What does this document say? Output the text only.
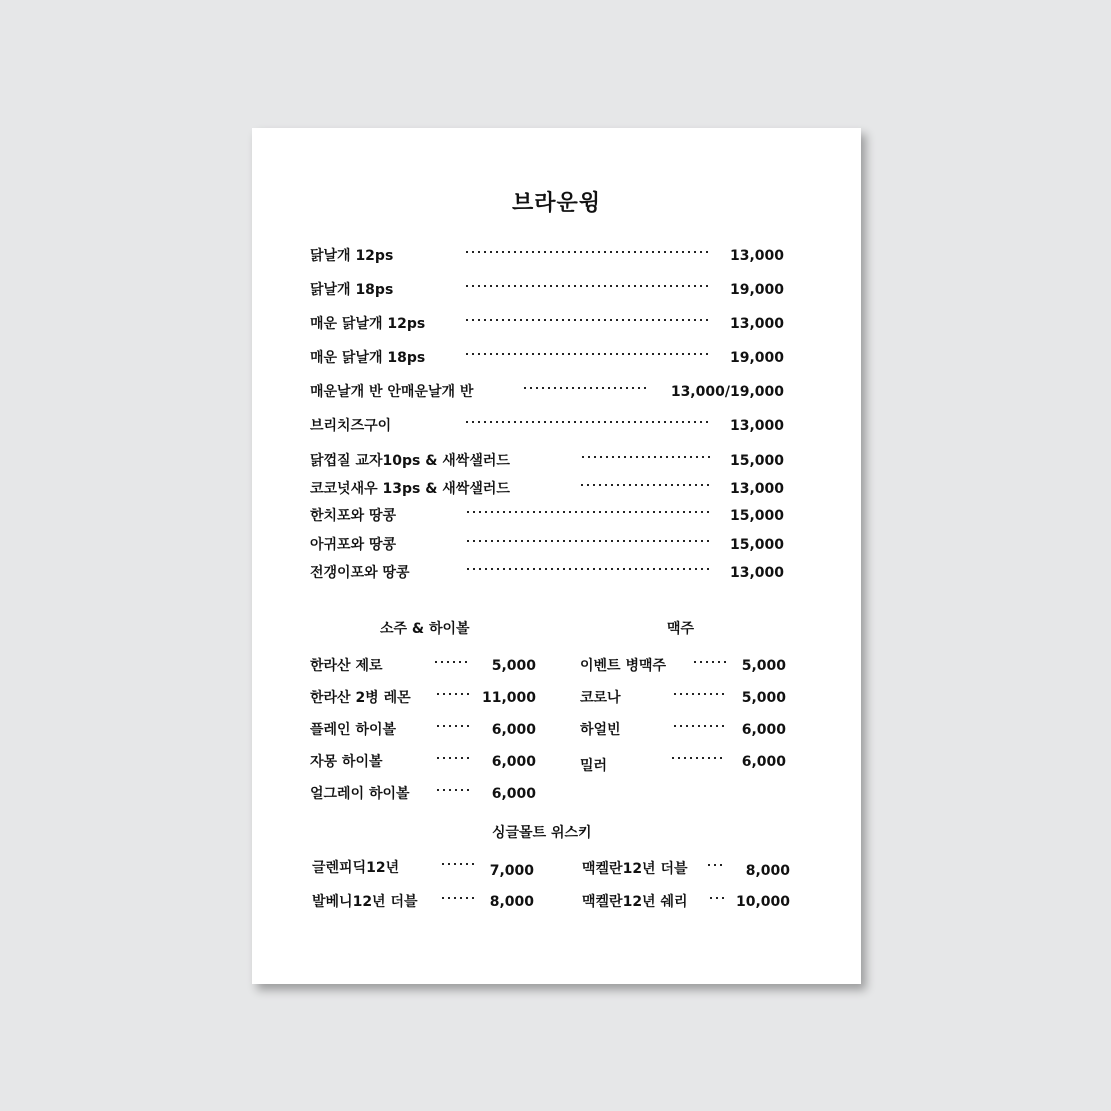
브라운윙
닭날개 12ps	13,000
닭날개 18ps	19,000
매운 닭날개 12ps	13,000
매운 닭날개 18ps	19,000
매운날개 반 안매운날개 반	13,000/19,000
브리치즈구이	13,000
닭껍질 교자10ps & 새싹샐러드	15,000
코코넛새우 13ps & 새싹샐러드	13,000
한치포와 땅콩	15,000
아귀포와 땅콩	15,000
전갱이포와 땅콩	13,000
소주 & 하이볼	맥주
한라산 제로	5,000
한라산 2병 레몬	11,000
플레인 하이볼	6,000
자몽 하이볼	6,000
얼그레이 하이볼	6,000
이벤트 병맥주	5,000
코로나	5,000
하얼빈	6,000
밀러	6,000
싱글몰트 위스키
글렌피딕12년	7,000
발베니12년 더블	8,000
맥켈란12년 더블	8,000
맥켈란12년 쉐리	10,000
